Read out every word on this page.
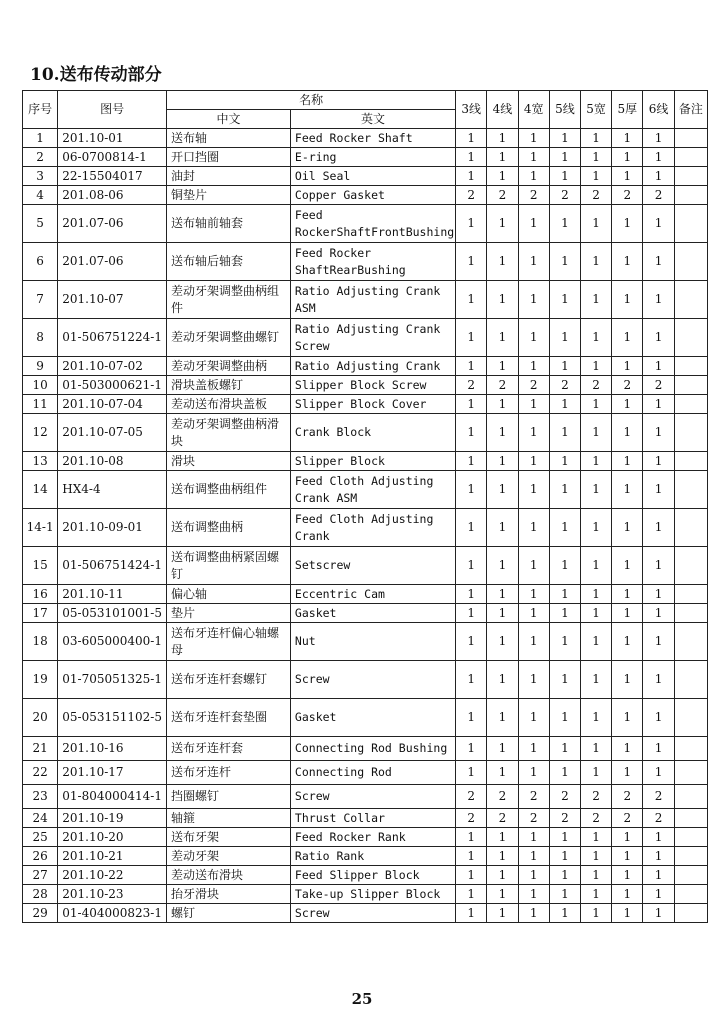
10.送布传动部分
序号	图号	名称		3线	4线	4宽	5线	5宽	5厚	6线	备注
		中文	英文								
1	201.10-01	送布轴	Feed Rocker Shaft	1	1	1	1	1	1	1	
2	06-0700814-1	开口挡圈	E-ring	1	1	1	1	1	1	1	
3	22-15504017	油封	Oil Seal	1	1	1	1	1	1	1	
4	201.08-06	铜垫片	Copper Gasket	2	2	2	2	2	2	2	
5	201.07-06	送布轴前轴套	Feed RockerShaftFrontBushing	1	1	1	1	1	1	1	
6	201.07-06	送布轴后轴套	Feed Rocker ShaftRearBushing	1	1	1	1	1	1	1	
7	201.10-07	差动牙架调整曲柄组件	Ratio Adjusting Crank ASM	1	1	1	1	1	1	1	
8	01-506751224-1	差动牙架调整曲螺钉	Ratio Adjusting Crank Screw	1	1	1	1	1	1	1	
9	201.10-07-02	差动牙架调整曲柄	Ratio Adjusting Crank	1	1	1	1	1	1	1	
10	01-503000621-1	滑块盖板螺钉	Slipper Block Screw	2	2	2	2	2	2	2	
11	201.10-07-04	差动送布滑块盖板	Slipper Block Cover	1	1	1	1	1	1	1	
12	201.10-07-05	差动牙架调整曲柄滑块	Crank Block	1	1	1	1	1	1	1	
13	201.10-08	滑块	Slipper Block	1	1	1	1	1	1	1	
14	HX4-4	送布调整曲柄组件	Feed Cloth Adjusting Crank ASM	1	1	1	1	1	1	1	
14-1	201.10-09-01	送布调整曲柄	Feed Cloth Adjusting Crank	1	1	1	1	1	1	1	
15	01-506751424-1	送布调整曲柄紧固螺钉	Setscrew	1	1	1	1	1	1	1	
16	201.10-11	偏心轴	Eccentric Cam	1	1	1	1	1	1	1	
17	05-053101001-5	垫片	Gasket	1	1	1	1	1	1	1	
18	03-605000400-1	送布牙连杆偏心轴螺母	Nut	1	1	1	1	1	1	1	
19	01-705051325-1	送布牙连杆套螺钉	Screw	1	1	1	1	1	1	1	
20	05-053151102-5	送布牙连杆套垫圈	Gasket	1	1	1	1	1	1	1	
21	201.10-16	送布牙连杆套	Connecting Rod Bushing	1	1	1	1	1	1	1	
22	201.10-17	送布牙连杆	Connecting Rod	1	1	1	1	1	1	1	
23	01-804000414-1	挡圈螺钉	Screw	2	2	2	2	2	2	2	
24	201.10-19	轴箍	Thrust Collar	2	2	2	2	2	2	2	
25	201.10-20	送布牙架	Feed Rocker Rank	1	1	1	1	1	1	1	
26	201.10-21	差动牙架	Ratio Rank	1	1	1	1	1	1	1	
27	201.10-22	差动送布滑块	Feed Slipper Block	1	1	1	1	1	1	1	
28	201.10-23	抬牙滑块	Take-up Slipper Block	1	1	1	1	1	1	1	
29	01-404000823-1	螺钉	Screw	1	1	1	1	1	1	1	
25
